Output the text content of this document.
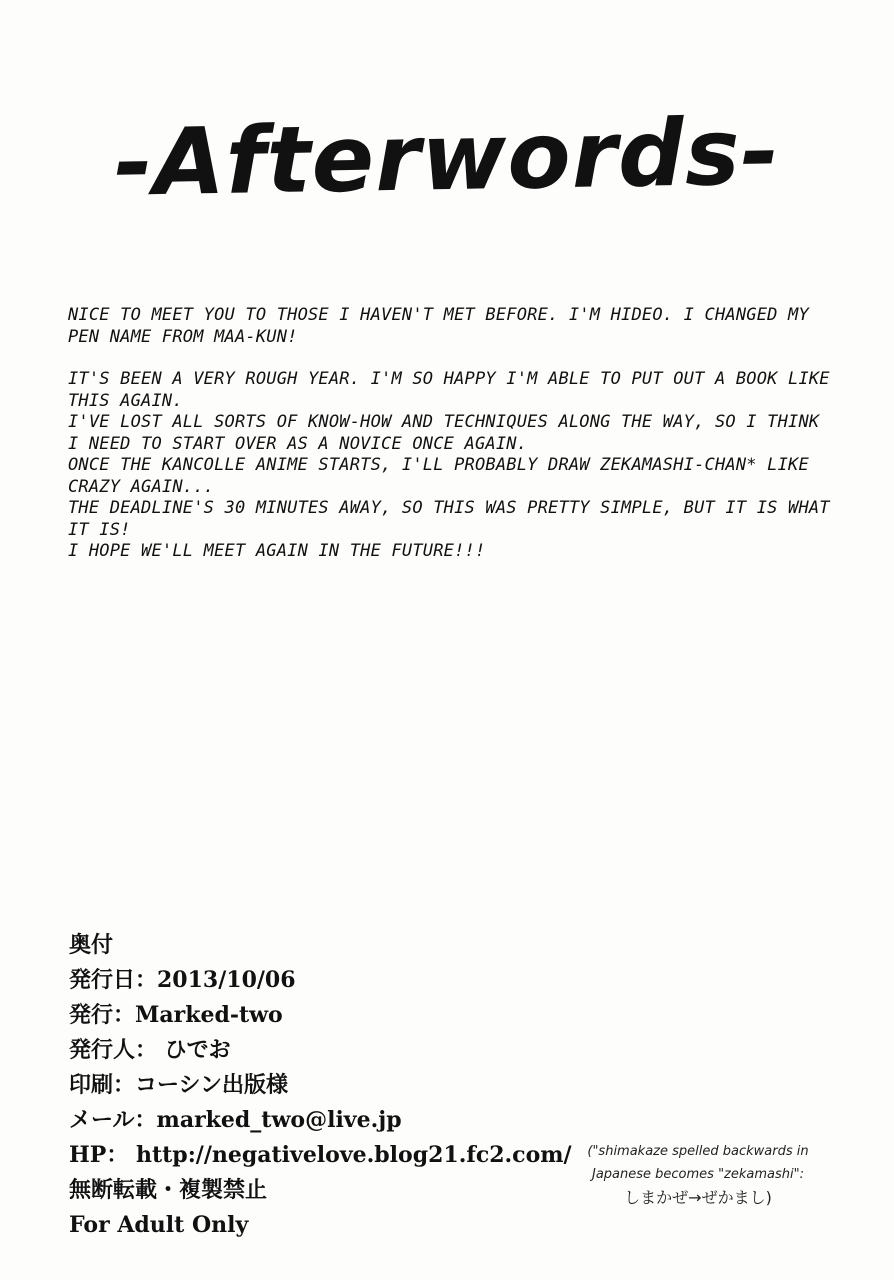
-Afterwords-

NICE TO MEET YOU TO THOSE I HAVEN'T MET BEFORE. I'M HIDEO. I CHANGED MY PEN NAME FROM MAA-KUN!

IT'S BEEN A VERY ROUGH YEAR. I'M SO HAPPY I'M ABLE TO PUT OUT A BOOK LIKE THIS AGAIN.

I'VE LOST ALL SORTS OF KNOW-HOW AND TECHNIQUES ALONG THE WAY, SO I THINK I NEED TO START OVER AS A NOVICE ONCE AGAIN.

ONCE THE KANCOLLE ANIME STARTS, I'LL PROBABLY DRAW ZEKAMASHI-CHAN* LIKE CRAZY AGAIN...

THE DEADLINE'S 30 MINUTES AWAY, SO THIS WAS PRETTY SIMPLE, BUT IT IS WHAT IT IS!

I HOPE WE'LL MEET AGAIN IN THE FUTURE!!!

奥付
発行日：2013/10/06
発行：Marked-two
発行人： ひでお
印刷：コーシン出版様
メール：marked_two@live.jp
HP： http://negativelove.blog21.fc2.com/
無断転載・複製禁止
For Adult Only
("shimakaze spelled backwards in
Japanese becomes "zekamashi":
しまかぜ→ぜかまし)
